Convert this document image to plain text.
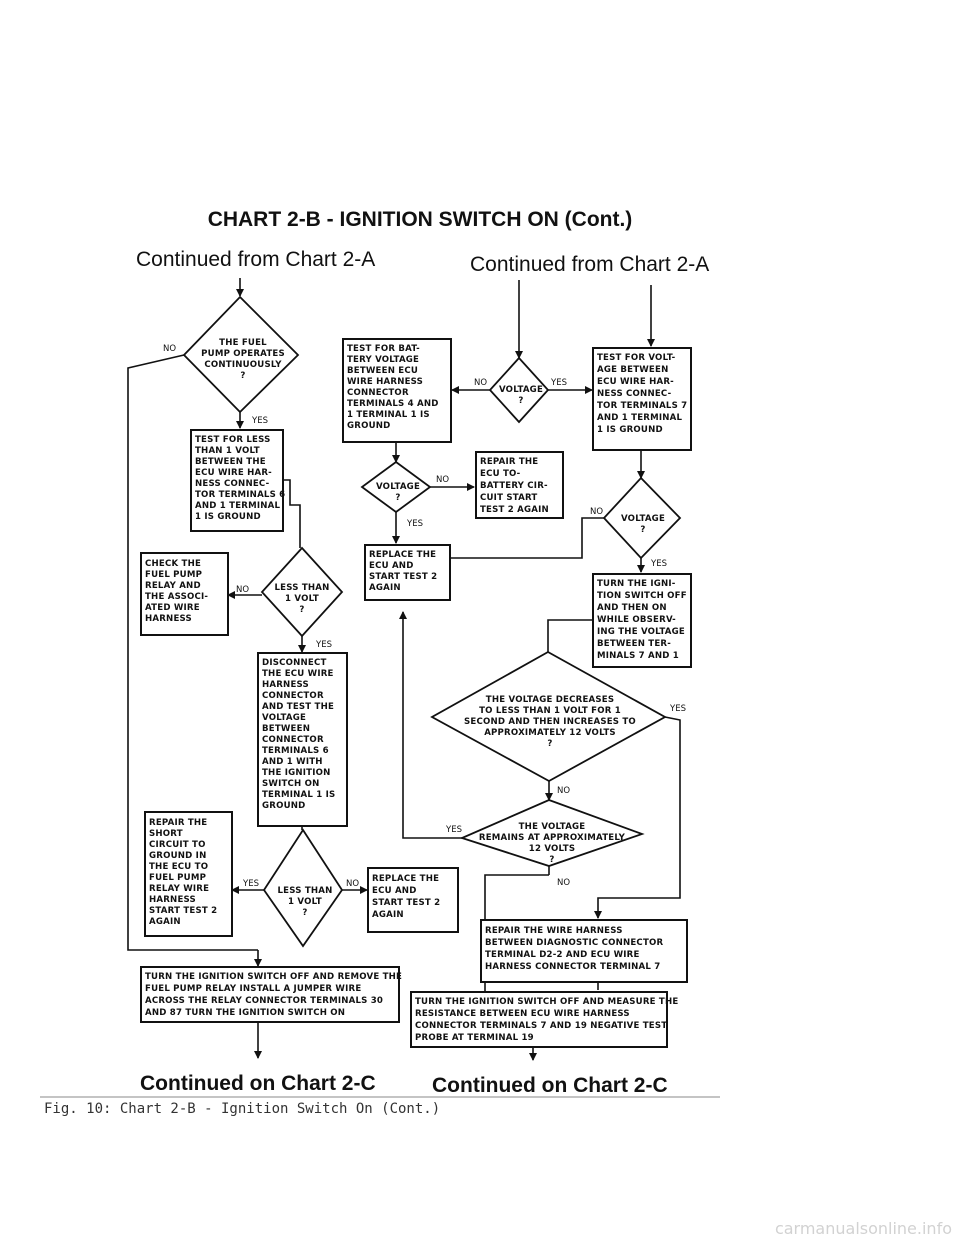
CHART 2-B - IGNITION SWITCH ON (Cont.)
Continued from Chart 2-A	Continued from Chart 2-A
THE FUEL
PUMP OPERATES
CONTINUOUSLY
?
NO
YES
TEST FOR LESS
THAN 1 VOLT
BETWEEN THE
ECU WIRE HAR-
NESS CONNEC-
TOR TERMINALS 6
AND 1 TERMINAL
1 IS GROUND
CHECK THE
FUEL PUMP
RELAY AND
THE ASSOCI-
ATED WIRE
HARNESS
LESS THAN
1 VOLT
?
NO
YES
DISCONNECT
THE ECU WIRE
HARNESS
CONNECTOR
AND TEST THE
VOLTAGE
BETWEEN
CONNECTOR
TERMINALS 6
AND 1 WITH
THE IGNITION
SWITCH ON
TERMINAL 1 IS
GROUND
REPAIR THE
SHORT
CIRCUIT TO
GROUND IN
THE ECU TO
FUEL PUMP
RELAY WIRE
HARNESS
START TEST 2
AGAIN
LESS THAN
1 VOLT
?
YES	NO REPLACE THE
ECU AND
START TEST 2
AGAIN
TURN THE IGNITION SWITCH OFF AND REMOVE THE
FUEL PUMP RELAY INSTALL A JUMPER WIRE
ACROSS THE RELAY CONNECTOR TERMINALS 30
AND 87 TURN THE IGNITION SWITCH ON
TEST FOR BAT-
TERY VOLTAGE
BETWEEN ECU
WIRE HARNESS
CONNECTOR
TERMINALS 4 AND
1 TERMINAL 1 IS
GROUND
VOLTAGE
?
NO
YES
REPAIR THE
ECU TO-
BATTERY CIR-
CUIT START
TEST 2 AGAIN
REPLACE THE
ECU AND
START TEST 2
AGAIN
VOLTAGE
?
NO	YES
TEST FOR VOLT-
AGE BETWEEN
ECU WIRE HAR-
NESS CONNEC-
TOR TERMINALS 7
AND 1 TERMINAL
1 IS GROUND
VOLTAGE
?
NO
YES
TURN THE IGNI-
TION SWITCH OFF
AND THEN ON
WHILE OBSERV-
ING THE VOLTAGE
BETWEEN TER-
MINALS 7 AND 1
THE VOLTAGE DECREASES
TO LESS THAN 1 VOLT FOR 1
SECOND AND THEN INCREASES TO
APPROXIMATELY 12 VOLTS
?
YES
NO
THE VOLTAGE
REMAINS AT APPROXIMATELY
12 VOLTS
?
YES
NO
REPAIR THE WIRE HARNESS
BETWEEN DIAGNOSTIC CONNECTOR
TERMINAL D2-2 AND ECU WIRE
HARNESS CONNECTOR TERMINAL 7
TURN THE IGNITION SWITCH OFF AND MEASURE THE
RESISTANCE BETWEEN ECU WIRE HARNESS
CONNECTOR TERMINALS 7 AND 19 NEGATIVE TEST
PROBE AT TERMINAL 19
Continued on Chart 2-C	Continued on Chart 2-C
Fig. 10: Chart 2-B - Ignition Switch On (Cont.)
carmanualsonline.info
